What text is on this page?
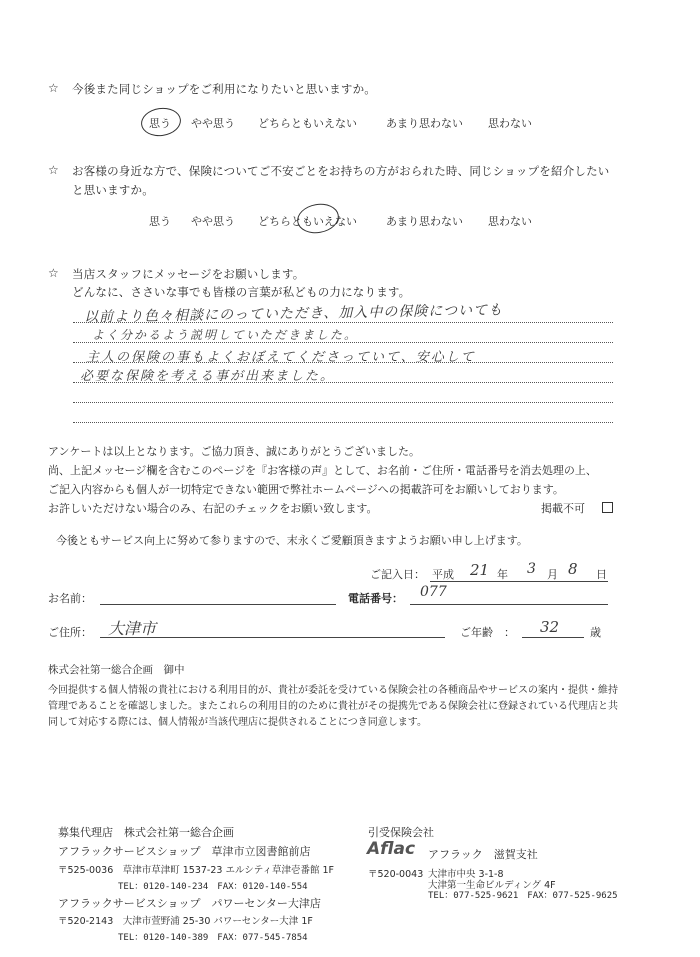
☆ 今後また同じショップをご利用になりたいと思いますか。
思う やや思う どちらともいえない	あまり思わない 思わない
☆ お客様の身近な方で、保険についてご不安ごとをお持ちの方がおられた時、同じショップを紹介したい
と思いますか。
思う やや思う どちらともいえない	あまり思わない 思わない
☆ 当店スタッフにメッセージをお願いします。
どんなに、ささいな事でも皆様の言葉が私どもの力になります。
以前より色々相談にのっていただき、加入中の保険についても
よく分かるよう説明していただきました。
主人の保険の事もよくおぼえてくださっていて、安心して
必要な保険を考える事が出来ました。
アンケートは以上となります。ご協力頂き、誠にありがとうございました。
尚、上記メッセージ欄を含むこのページを『お客様の声』として、お名前・ご住所・電話番号を消去処理の上、
ご記入内容からも個人が一切特定できない範囲で弊社ホームページへの掲載許可をお願いしております。
お許しいただけない場合のみ、右記のチェックをお願い致します。	掲載不可
今後ともサービス向上に努めて参りますので、末永くご愛顧頂きますようお願い申し上げます。
ご記入日： 平成 21 年 3 月 8 日
お名前：	電話番号： 077
ご住所： 大津市	ご年齢　： 32	歳
株式会社第一総合企画　御中
今回提供する個人情報の貴社における利用目的が、貴社が委託を受けている保険会社の各種商品やサービスの案内・提供・維持
管理であることを確認しました。またこれらの利用目的のために貴社がその提携先である保険会社に登録されている代理店と共
同して対応する際には、個人情報が当該代理店に提供されることにつき同意します。
募集代理店　株式会社第一総合企画
アフラックサービスショップ　草津市立図書館前店
〒525-0036　草津市草津町 1537-23 エルシティ草津壱番館 1F
TEL：0120-140-234　FAX：0120-140-554
アフラックサービスショップ　パワーセンター大津店
〒520-2143　大津市萱野浦 25-30 パワーセンター大津 1F
TEL：0120-140-389　FAX：077-545-7854
引受保険会社
Aflac アフラック　滋賀支社
〒520-0043 大津市中央 3-1-8
大津第一生命ビルディング 4F
TEL：077-525-9621　FAX：077-525-9625
